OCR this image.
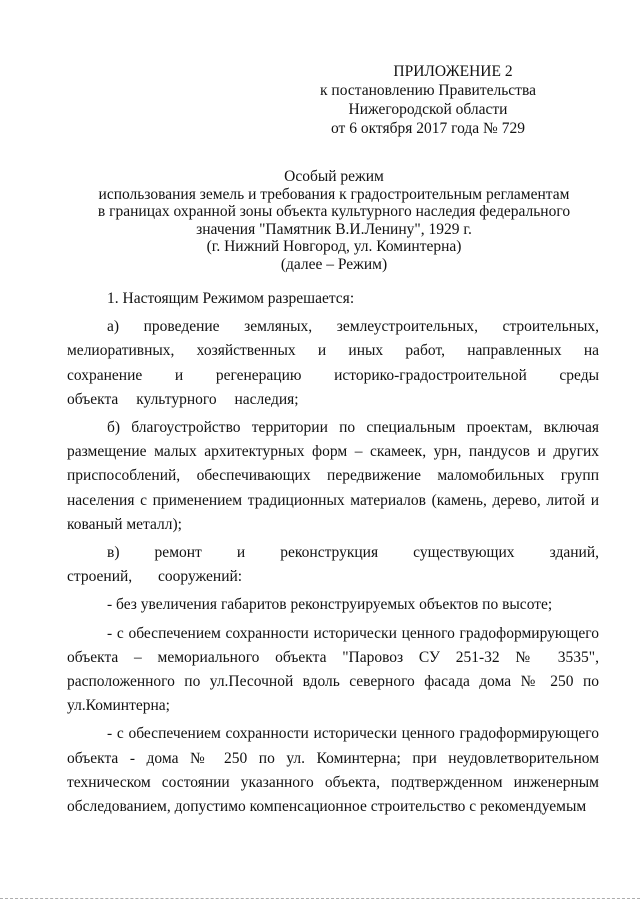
ПРИЛОЖЕНИЕ 2
к постановлению Правительства
Нижегородской области
от 6 октября 2017 года № 729
Особый режим
использования земель и требования к градостроительным регламентам
в границах охранной зоны объекта культурного наследия федерального
значения "Памятник В.И.Ленину", 1929 г.
(г. Нижний Новгород, ул. Коминтерна)
(далее – Режим)

1. Настоящим Режимом разрешается:

а) проведение земляных, землеустроительных, строительных, мелиоративных, хозяйственных и иных работ, направленных на сохранение и регенерацию историко-градостроительной среды объекта культурного наследия;

б) благоустройство территории по специальным проектам, включая размещение малых архитектурных форм – скамеек, урн, пандусов и других приспособлений, обеспечивающих передвижение маломобильных групп населения с применением традиционных материалов (камень, дерево, литой и кованый металл);

в) ремонт и реконструкция существующих зданий, строений, сооружений:

- без увеличения габаритов реконструируемых объектов по высоте;

- с обеспечением сохранности исторически ценного градоформирующего объекта – мемориального объекта "Паровоз СУ 251-32 № 3535", расположенного по ул.Песочной вдоль северного фасада дома № 250 по ул.Коминтерна;

- с обеспечением сохранности исторически ценного градоформирующего объекта - дома № 250 по ул. Коминтерна; при неудовлетворительном техническом состоянии указанного объекта, подтвержденном инженерным обследованием, допустимо компенсационное строительство с рекомендуемым
